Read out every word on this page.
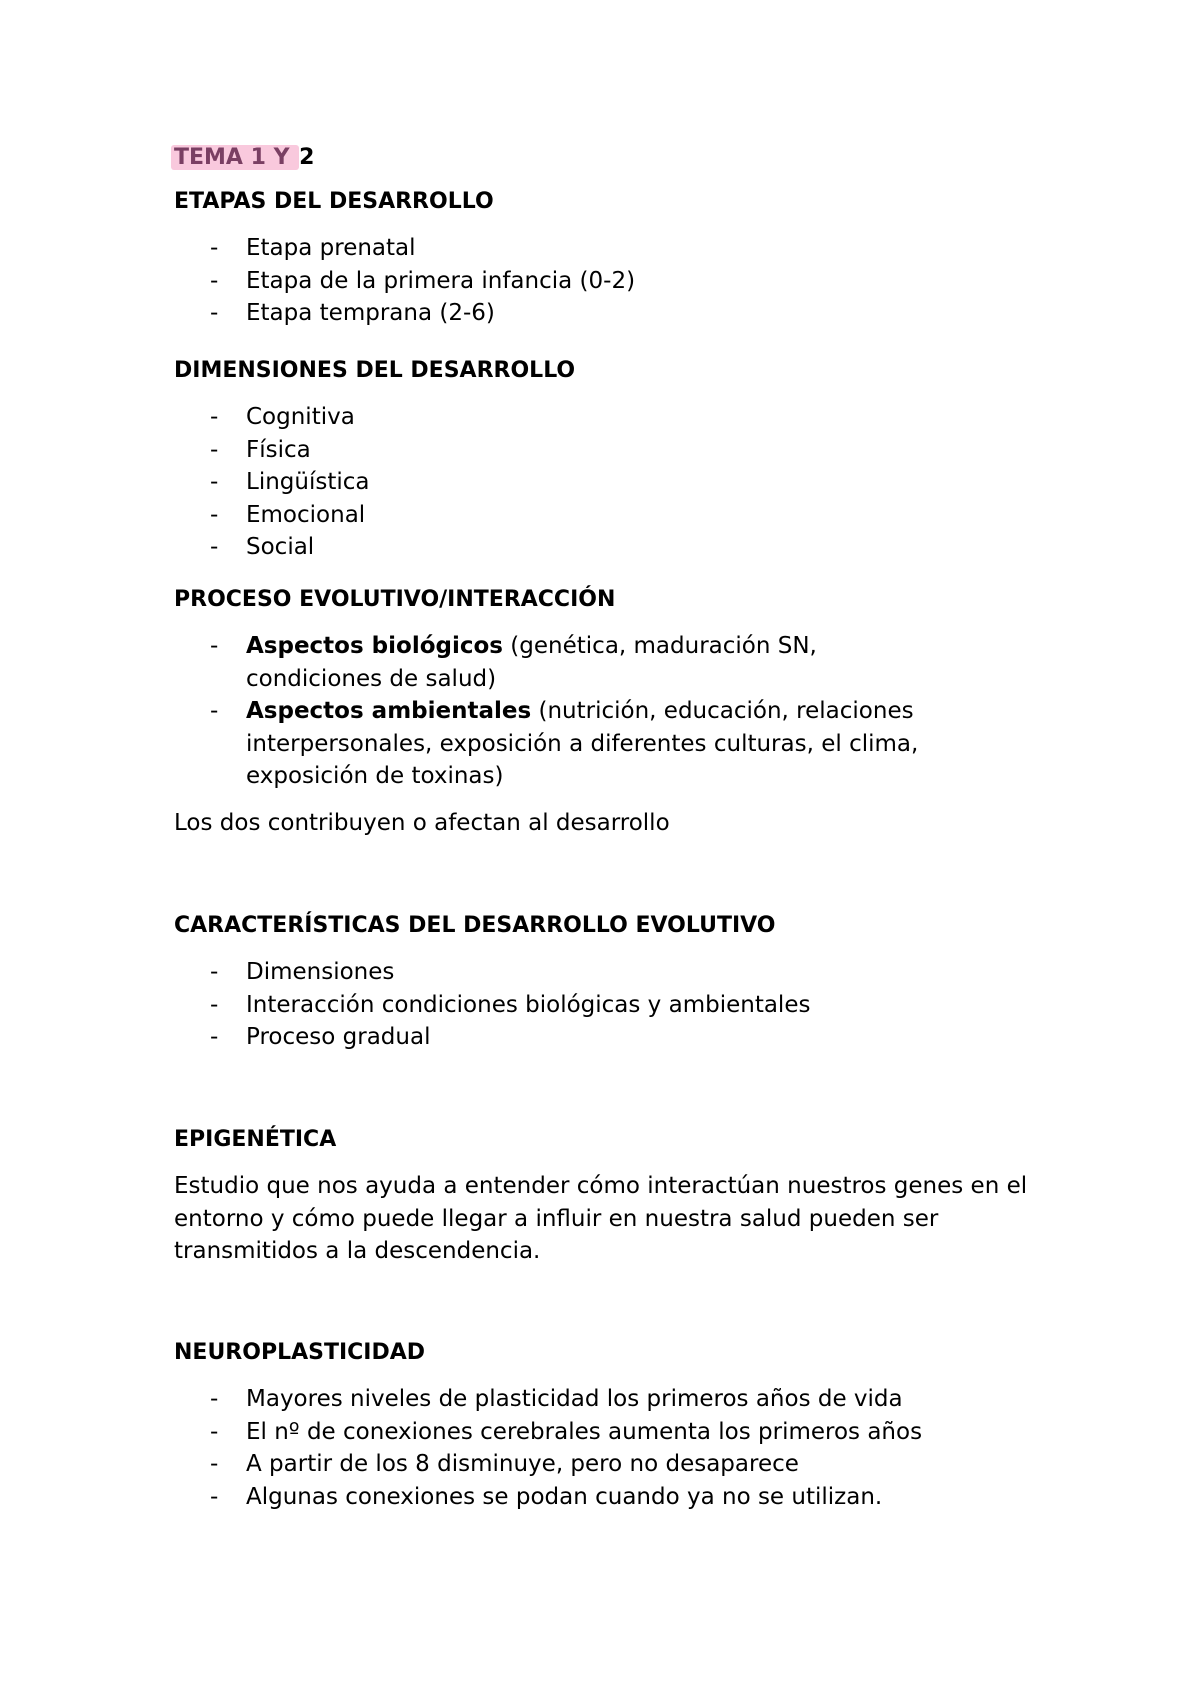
TEMA 1 Y 2
ETAPAS DEL DESARROLLO
- Etapa prenatal
- Etapa de la primera infancia (0-2)
- Etapa temprana (2-6)
DIMENSIONES DEL DESARROLLO
- Cognitiva
- Física
- Lingüística
- Emocional
- Social
PROCESO EVOLUTIVO/INTERACCIÓN
- Aspectos biológicos (genética, maduración SN, condiciones de salud)
- Aspectos ambientales (nutrición, educación, relaciones interpersonales, exposición a diferentes culturas, el clima, exposición de toxinas)

Los dos contribuyen o afectan al desarrollo

CARACTERÍSTICAS DEL DESARROLLO EVOLUTIVO
- Dimensiones
- Interacción condiciones biológicas y ambientales
- Proceso gradual
EPIGENÉTICA

Estudio que nos ayuda a entender cómo interactúan nuestros genes en el entorno y cómo puede llegar a influir en nuestra salud pueden ser transmitidos a la descendencia.

NEUROPLASTICIDAD
- Mayores niveles de plasticidad los primeros años de vida
- El nº de conexiones cerebrales aumenta los primeros años
- A partir de los 8 disminuye, pero no desaparece
- Algunas conexiones se podan cuando ya no se utilizan.
